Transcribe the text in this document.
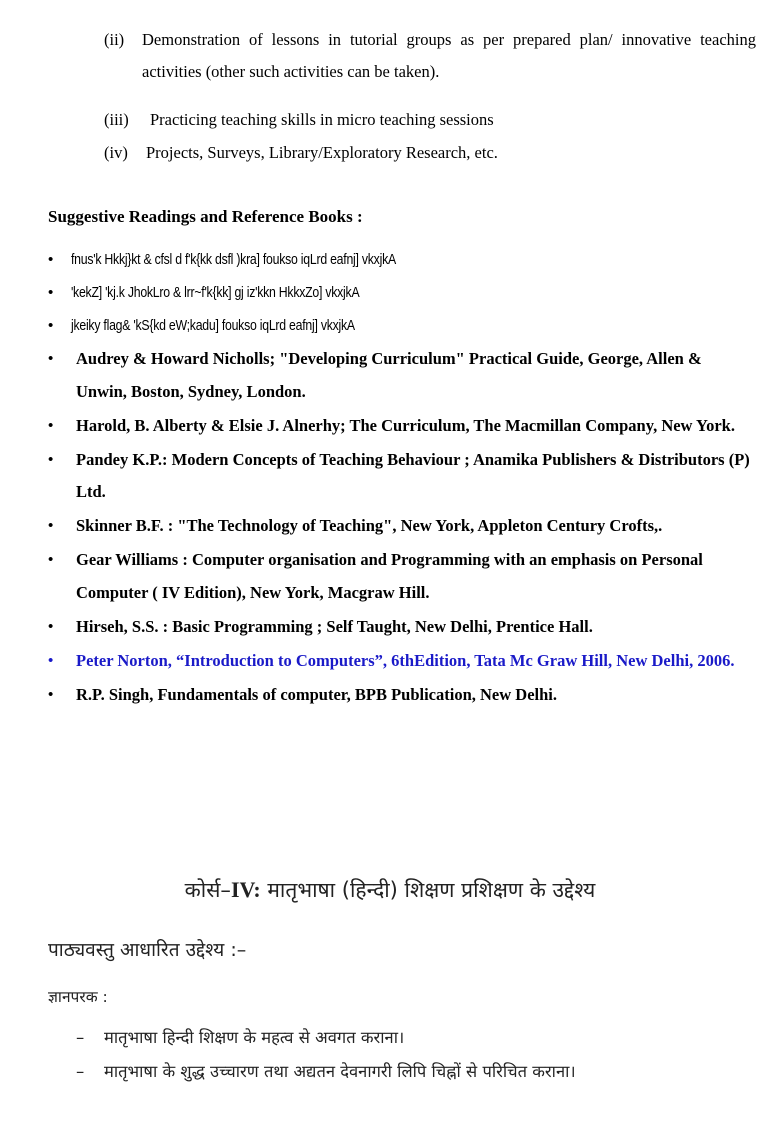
(ii) Demonstration of lessons in tutorial groups as per prepared plan/ innovative teaching activities (other such activities can be taken).
(iii) Practicing teaching skills in micro teaching sessions
(iv) Projects, Surveys, Library/Exploratory Research, etc.
Suggestive Readings and Reference Books :
• fnus'k Hkkj}kt & cfsl d f'k{kk dsfl )kra] foukso iqLrd eafnj] vkxjkA
• 'kekZ] 'kj.k JhokLro & lrr~f'k{kk] gj iz'kkn HkkxZo] vkxjkA
• jkeiky flag& 'kS{kd eW;kadu] foukso iqLrd eafnj] vkxjkA
• Audrey & Howard Nicholls; "Developing Curriculum" Practical Guide, George, Allen & Unwin, Boston, Sydney, London.
• Harold, B. Alberty & Elsie J. Alnerhy; The Curriculum, The Macmillan Company, New York.
• Pandey K.P.: Modern Concepts of Teaching Behaviour ; Anamika Publishers & Distributors (P) Ltd.
• Skinner B.F. : "The Technology of Teaching", New York, Appleton Century Crofts,.
• Gear Williams : Computer organisation and Programming with an emphasis on Personal Computer ( IV Edition), New York, Macgraw Hill.
• Hirseh, S.S. : Basic Programming ; Self Taught, New Delhi, Prentice Hall.
• Peter Norton, “Introduction to Computers”, 6thEdition, Tata Mc Graw Hill, New Delhi, 2006.
• R.P. Singh, Fundamentals of computer, BPB Publication, New Delhi.
कोर्स–IV: मातृभाषा (हिन्दी) शिक्षण प्रशिक्षण के उद्देश्य
पाठ्यवस्तु आधारित उद्देश्य :–
ज्ञानपरक :
– मातृभाषा हिन्दी शिक्षण के महत्व से अवगत कराना।
– मातृभाषा के शुद्ध उच्चारण तथा अद्यतन देवनागरी लिपि चिह्नों से परिचित कराना।
